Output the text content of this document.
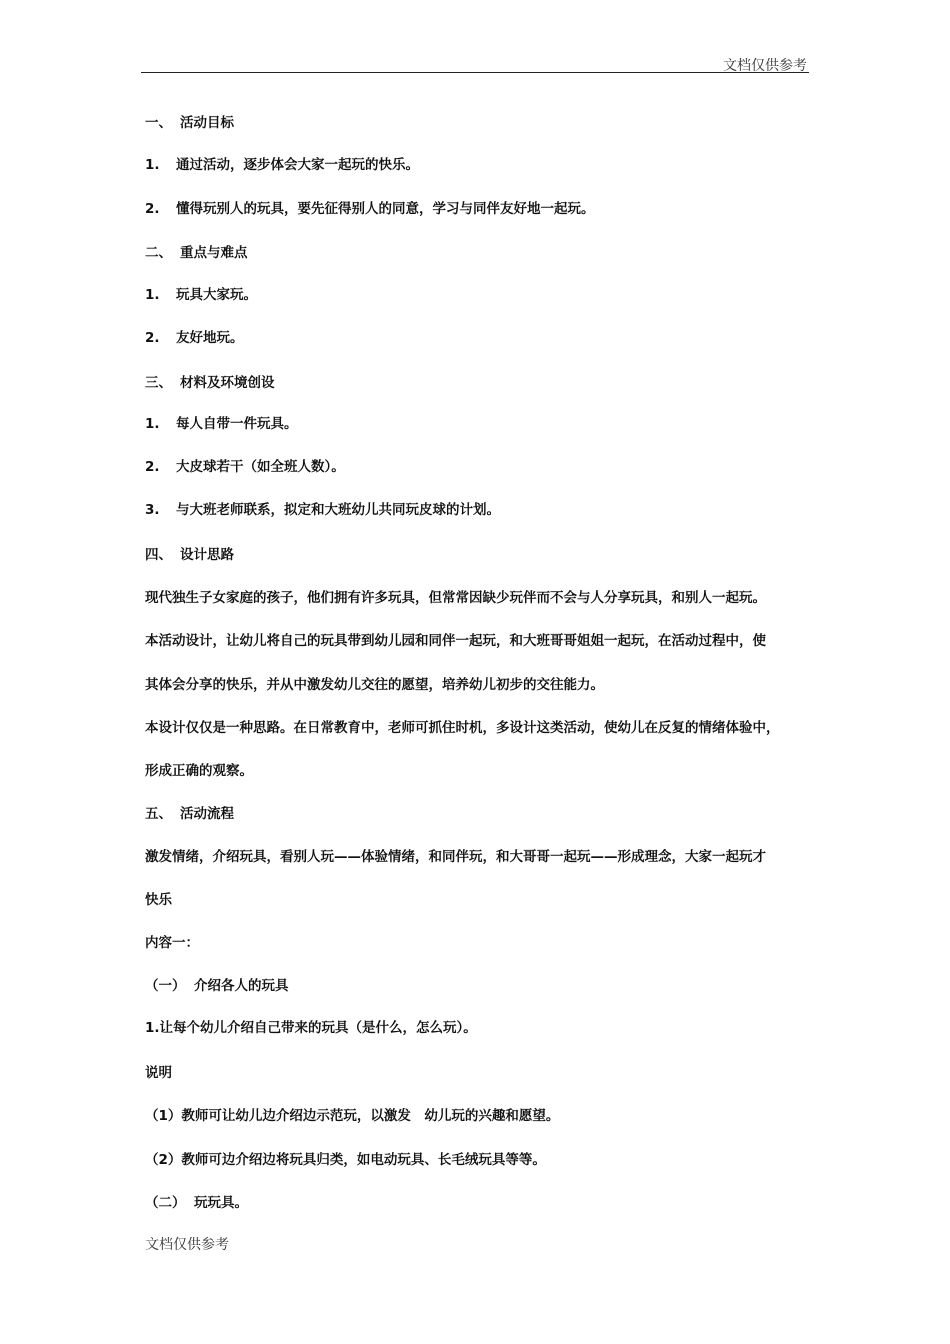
文档仅供参考

一、 活动目标

1. 通过活动，逐步体会大家一起玩的快乐。

2. 懂得玩别人的玩具，要先征得别人的同意，学习与同伴友好地一起玩。

二、 重点与难点

1. 玩具大家玩。

2. 友好地玩。

三、 材料及环境创设

1. 每人自带一件玩具。

2. 大皮球若干（如全班人数）。

3. 与大班老师联系，拟定和大班幼儿共同玩皮球的计划。

四、 设计思路

现代独生子女家庭的孩子，他们拥有许多玩具，但常常因缺少玩伴而不会与人分享玩具，和别人一起玩。

本活动设计，让幼儿将自己的玩具带到幼儿园和同伴一起玩，和大班哥哥姐姐一起玩，在活动过程中，使

其体会分享的快乐，并从中激发幼儿交往的愿望，培养幼儿初步的交往能力。

本设计仅仅是一种思路。在日常教育中，老师可抓住时机，多设计这类活动，使幼儿在反复的情绪体验中，

形成正确的观察。

五、 活动流程

激发情绪，介绍玩具，看别人玩——体验情绪，和同伴玩，和大哥哥一起玩——形成理念，大家一起玩才

快乐

内容一：

（一） 介绍各人的玩具

1.让每个幼儿介绍自己带来的玩具（是什么，怎么玩）。

说明

（1）教师可让幼儿边介绍边示范玩，以激发　幼儿玩的兴趣和愿望。

（2）教师可边介绍边将玩具归类，如电动玩具、长毛绒玩具等等。

（二） 玩玩具。

文档仅供参考
